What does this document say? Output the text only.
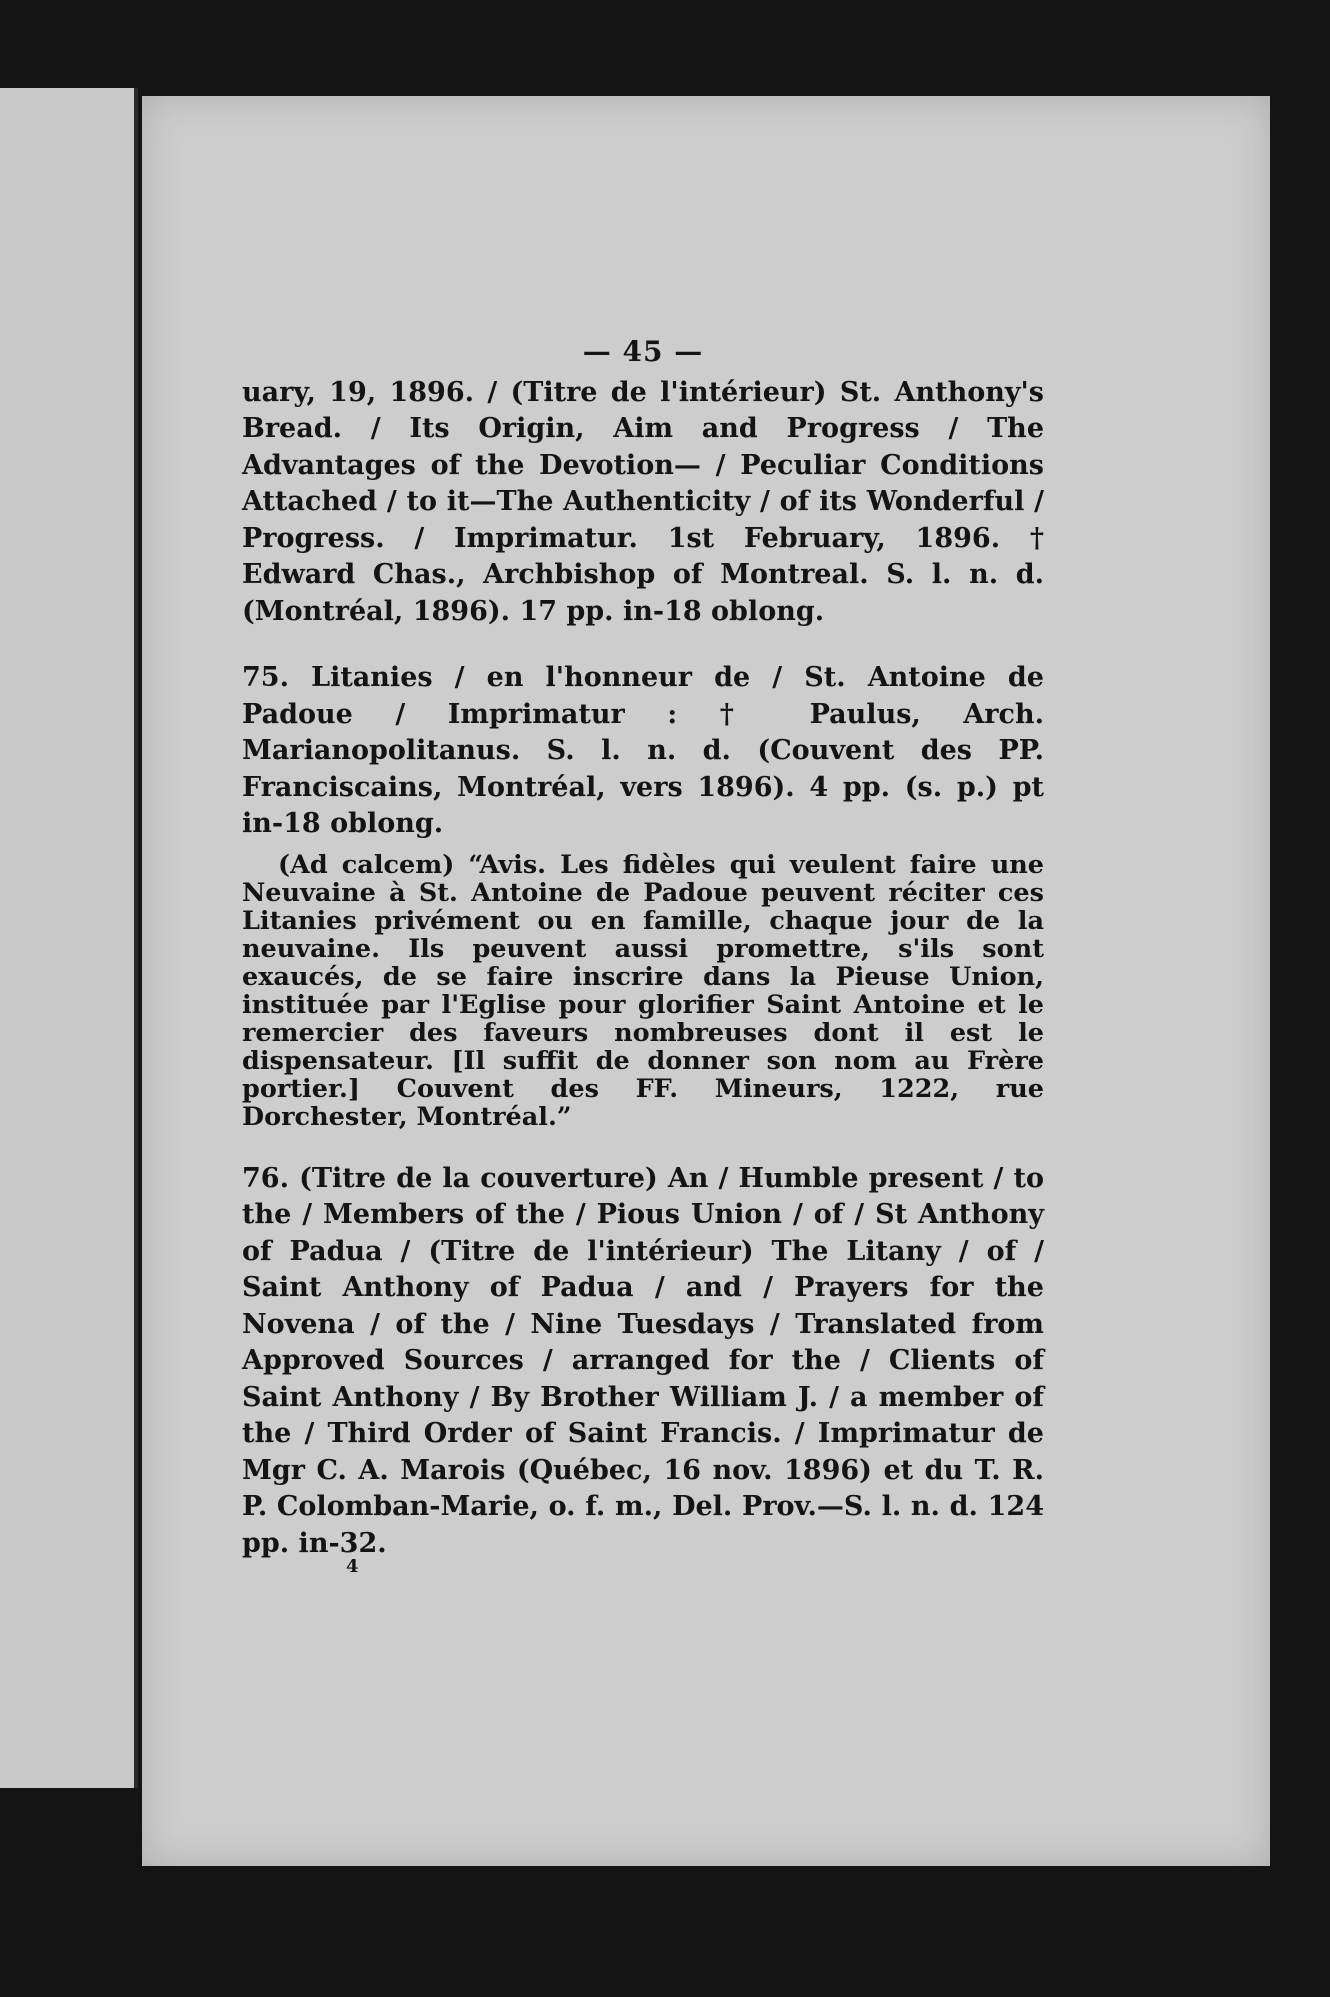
— 45 —

uary, 19, 1896. / (Titre de l'intérieur) St. Anthony's Bread. / Its Origin, Aim and Progress / The Advantages of the Devotion— / Peculiar Conditions Attached / to it—The Authenticity / of its Wonderful / Progress. / Imprimatur. 1st February, 1896. † Edward Chas., Archbishop of Montreal. S. l. n. d. (Montréal, 1896). 17 pp. in-18 oblong.

75. Litanies / en l'honneur de / St. Antoine de Padoue / Imprimatur : † Paulus, Arch. Marianopolitanus. S. l. n. d. (Couvent des PP. Franciscains, Montréal, vers 1896). 4 pp. (s. p.) pt in-18 oblong.

(Ad calcem) “Avis. Les fidèles qui veulent faire une Neuvaine à St. Antoine de Padoue peuvent réciter ces Litanies privément ou en famille, chaque jour de la neuvaine. Ils peuvent aussi promettre, s'ils sont exaucés, de se faire inscrire dans la Pieuse Union, instituée par l'Eglise pour glorifier Saint Antoine et le remercier des faveurs nombreuses dont il est le dispensateur. [Il suffit de donner son nom au Frère portier.] Couvent des FF. Mineurs, 1222, rue Dorchester, Montréal.”

76. (Titre de la couverture) An / Humble present / to the / Members of the / Pious Union / of / St Anthony of Padua / (Titre de l'intérieur) The Litany / of / Saint Anthony of Padua / and / Prayers for the Novena / of the / Nine Tuesdays / Translated from Approved Sources / arranged for the / Clients of Saint Anthony / By Brother William J. / a member of the / Third Order of Saint Francis. / Imprimatur de Mgr C. A. Marois (Québec, 16 nov. 1896) et du T. R. P. Colomban-Marie, o. f. m., Del. Prov.—S. l. n. d. 124 pp. in-32.

4
